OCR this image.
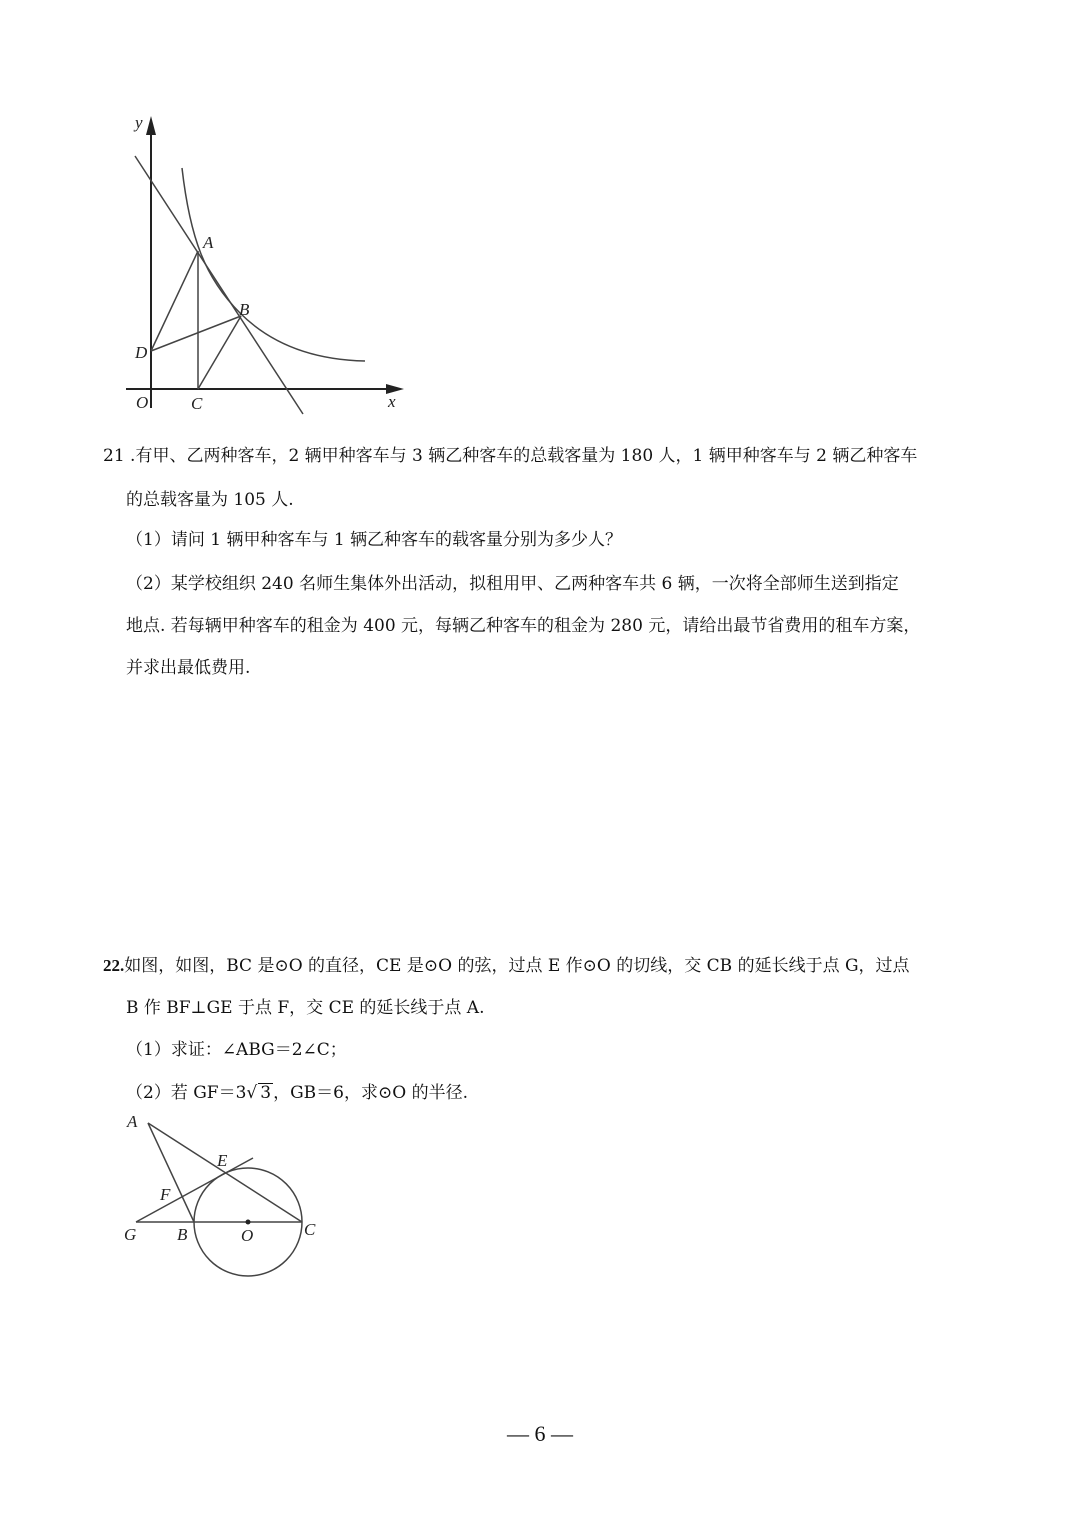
y
x
O
A
B
C
D
21 .有甲、乙两种客车，2 辆甲种客车与 3 辆乙种客车的总载客量为 180 人，1 辆甲种客车与 2 辆乙种客车
的总载客量为 105 人.
（1）请问 1 辆甲种客车与 1 辆乙种客车的载客量分别为多少人？
（2）某学校组织 240 名师生集体外出活动，拟租用甲、乙两种客车共 6 辆，一次将全部师生送到指定
地点. 若每辆甲种客车的租金为 400 元，每辆乙种客车的租金为 280 元，请给出最节省费用的租车方案，
并求出最低费用.
22.如图，如图，BC 是⊙O 的直径，CE 是⊙O 的弦，过点 E 作⊙O 的切线，交 CB 的延长线于点 G，过点
B 作 BF⊥GE 于点 F，交 CE 的延长线于点 A.
（1）求证：∠ABG＝2∠C；
（2）若 GF＝3√ 3 ，GB＝6，求⊙O 的半径.
A
E
F
G B	O	C
— 6 —
